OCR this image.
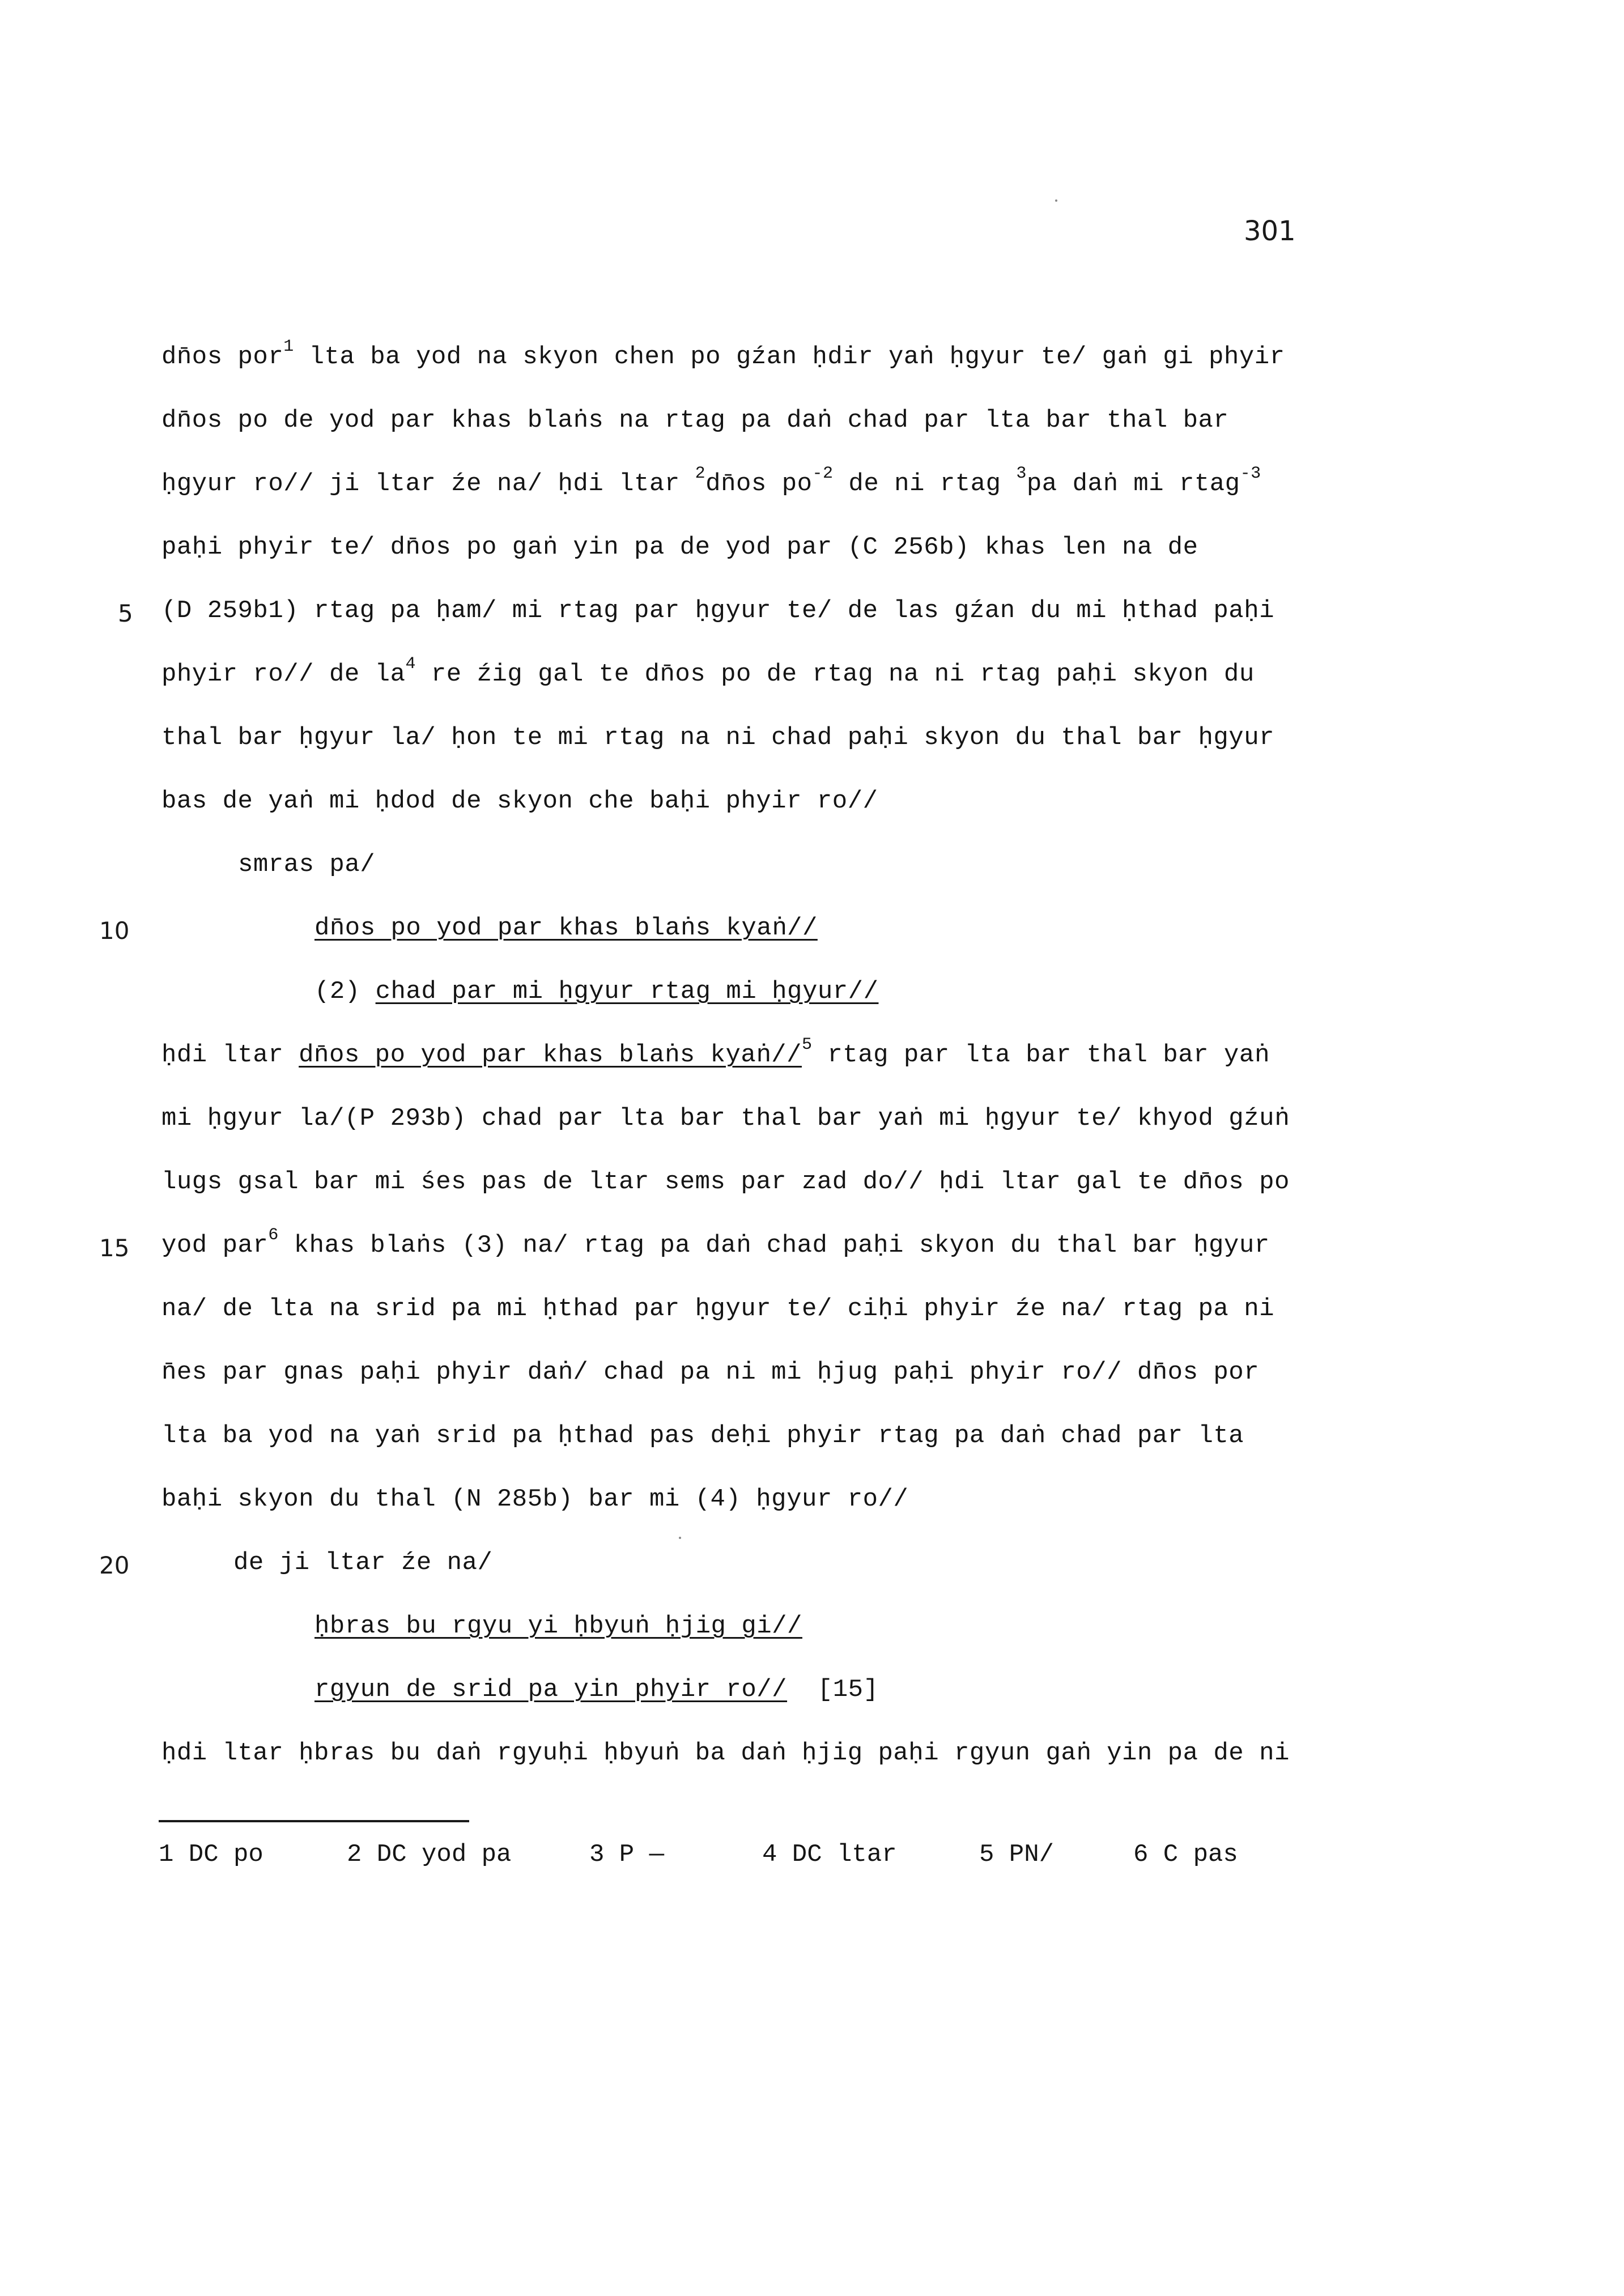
301
dn̄os por$^1$ lta ba yod na skyon chen po gźan ḥdir yaṅ ḥgyur te/ gaṅ gi phyir
dn̄os po de yod par khas blaṅs na rtag pa daṅ chad par lta bar thal bar
ḥgyur ro// ji ltar źe na/ ḥdi ltar $^2$dn̄os $po^{-2}$ de ni rtag $^3$pa daṅ mi rtag$^{-3}$
paḥi phyir te/ dn̄os po gaṅ yin pa de yod par (C 256b) khas len na de
(D 259b1) rtag pa ḥam/ mi rtag par ḥgyur te/ de las gźan du mi ḥthad paḥi
phyir ro// de $la^4$ re źig gal te dn̄os po de rtag na ni rtag paḥi skyon du
thal bar ḥgyur la/ ḥon te mi rtag na ni chad paḥi skyon du thal bar ḥgyur
bas de yaṅ mi ḥdod de skyon che baḥi phyir ro//
smras pa/
dn̄os po yod par khas blaṅs kyaṅ//
(2) chad par mi ḥgyur rtag mi ḥgyur//
ḥdi ltar dn̄os po yod par khas blaṅs kyaṅ//$^5$ rtag par lta bar thal bar yaṅ
mi ḥgyur la/(P 293b) chad par lta bar thal bar yaṅ mi ḥgyur te/ khyod gźuṅ
lugs gsal bar mi śes pas de ltar sems par zad do// ḥdi ltar gal te dn̄os po
yod par$^6$ khas blaṅs (3) na/ rtag pa daṅ chad paḥi skyon du thal bar ḥgyur
na/ de lta na srid pa mi ḥthad par ḥgyur te/ ciḥi phyir źe na/ rtag pa ni
n̄es par gnas paḥi phyir daṅ/ chad pa ni mi ḥjug paḥi phyir ro// dn̄os por
lta ba yod na yaṅ srid pa ḥthad pas deḥi phyir rtag pa daṅ chad par lta
baḥi skyon du thal (N 285b) bar mi (4) ḥgyur ro//
de ji ltar źe na/
ḥbras bu rgyu yi ḥbyuṅ ḥjig gi//
rgyun de srid pa yin phyir ro//  [15]
ḥdi ltar ḥbras bu daṅ rgyuḥi ḥbyuṅ ba daṅ ḥjig paḥi rgyun gaṅ yin pa de ni
5
10
15
20
1 DC po	2 DC yod pa	3 P —	4 DC ltar	5 PN/	6 C pas
